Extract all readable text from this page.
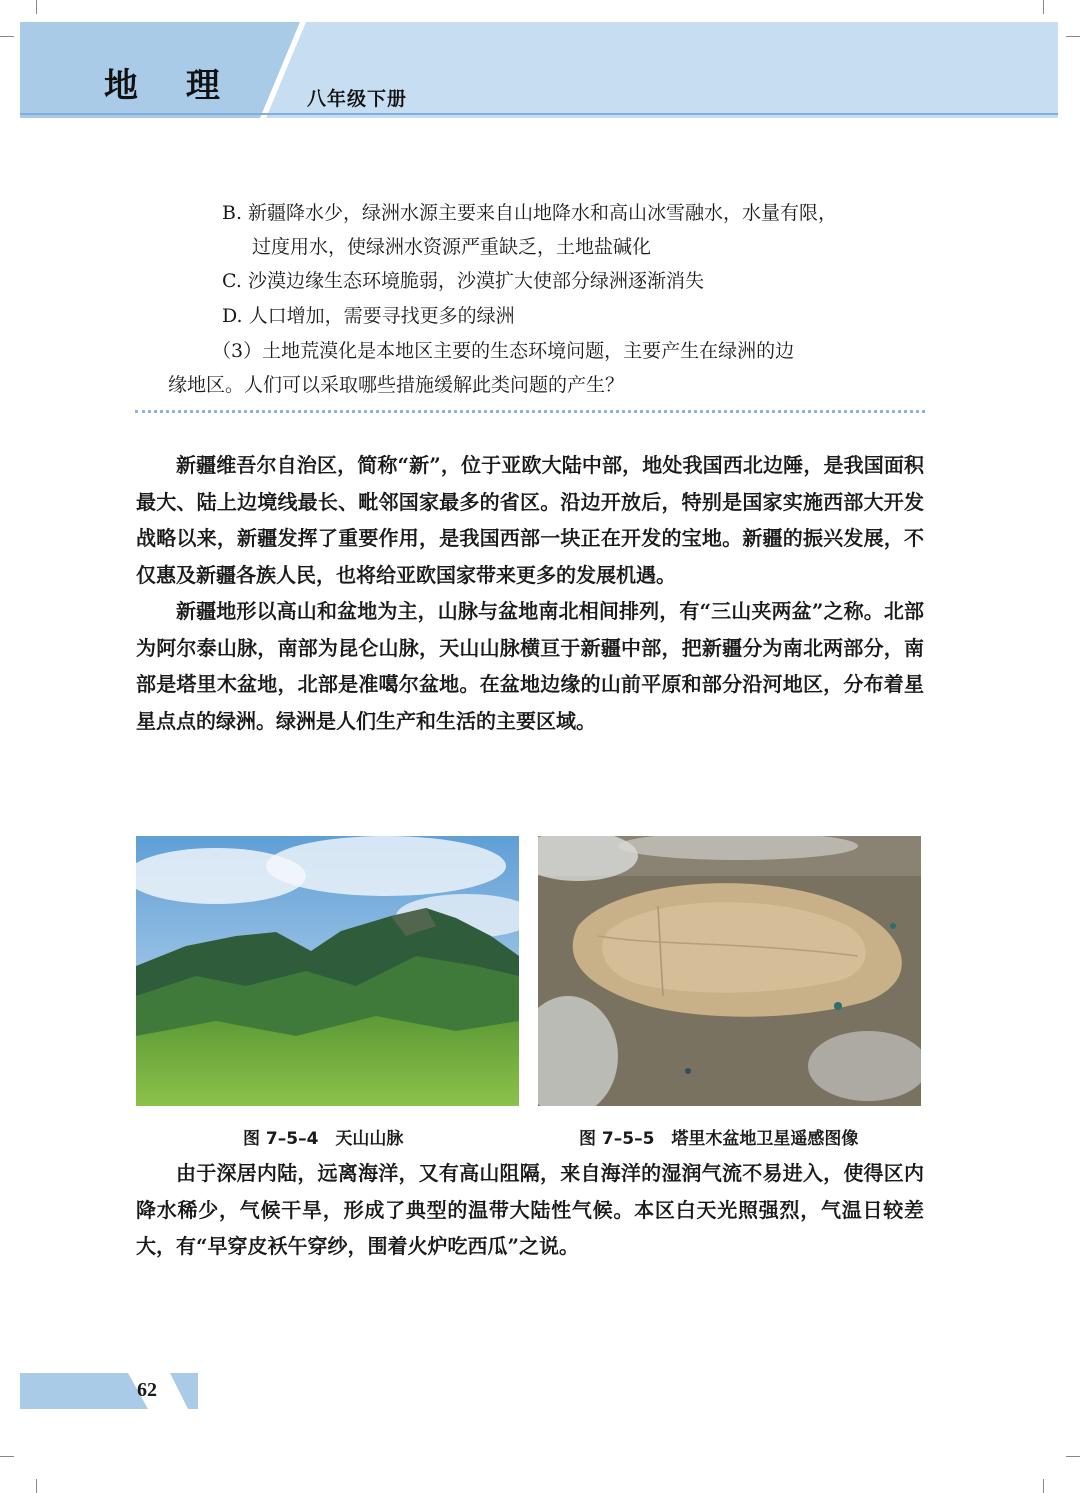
地 理	八年级下册
B. 新疆降水少，绿洲水源主要来自山地降水和高山冰雪融水，水量有限，
过度用水，使绿洲水资源严重缺乏，土地盐碱化
C. 沙漠边缘生态环境脆弱，沙漠扩大使部分绿洲逐渐消失
D. 人口增加，需要寻找更多的绿洲
（3）土地荒漠化是本地区主要的生态环境问题，主要产生在绿洲的边
缘地区。人们可以采取哪些措施缓解此类问题的产生？

新疆维吾尔自治区，简称“新”，位于亚欧大陆中部，地处我国西北边陲，是我国面积最大、陆上边境线最长、毗邻国家最多的省区。沿边开放后，特别是国家实施西部大开发战略以来，新疆发挥了重要作用，是我国西部一块正在开发的宝地。新疆的振兴发展，不仅惠及新疆各族人民，也将给亚欧国家带来更多的发展机遇。

新疆地形以高山和盆地为主，山脉与盆地南北相间排列，有“三山夹两盆”之称。北部为阿尔泰山脉，南部为昆仑山脉，天山山脉横亘于新疆中部，把新疆分为南北两部分，南部是塔里木盆地，北部是准噶尔盆地。在盆地边缘的山前平原和部分沿河地区，分布着星星点点的绿洲。绿洲是人们生产和生活的主要区域。

图 7–5–4　天山山脉	图 7–5–5　塔里木盆地卫星遥感图像

由于深居内陆，远离海洋，又有高山阻隔，来自海洋的湿润气流不易进入，使得区内降水稀少，气候干旱，形成了典型的温带大陆性气候。本区白天光照强烈，气温日较差大，有“早穿皮袄午穿纱，围着火炉吃西瓜”之说。

62
